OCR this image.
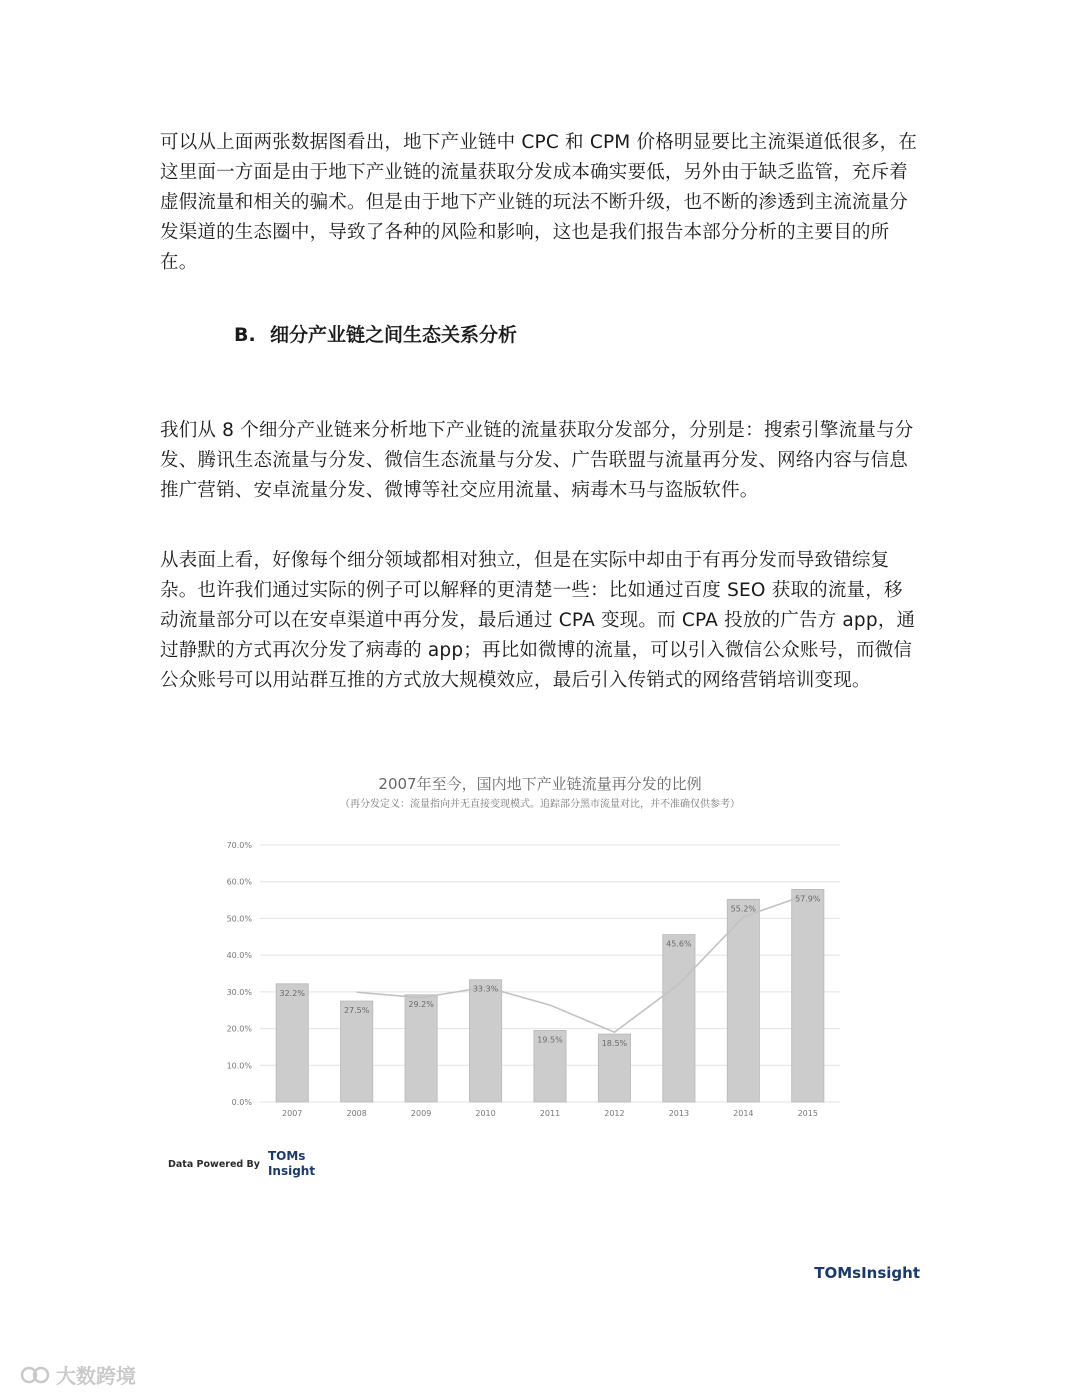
可以从上面两张数据图看出，地下产业链中 CPC 和 CPM 价格明显要比主流渠道低很多，在这里面一方面是由于地下产业链的流量获取分发成本确实要低，另外由于缺乏监管，充斥着虚假流量和相关的骗术。但是由于地下产业链的玩法不断升级，也不断的渗透到主流流量分发渠道的生态圈中，导致了各种的风险和影响，这也是我们报告本部分分析的主要目的所在。

B. 细分产业链之间生态关系分析

我们从 8 个细分产业链来分析地下产业链的流量获取分发部分，分别是：搜索引擎流量与分发、腾讯生态流量与分发、微信生态流量与分发、广告联盟与流量再分发、网络内容与信息推广营销、安卓流量分发、微博等社交应用流量、病毒木马与盗版软件。

从表面上看，好像每个细分领域都相对独立，但是在实际中却由于有再分发而导致错综复杂。也许我们通过实际的例子可以解释的更清楚一些：比如通过百度 SEO 获取的流量，移动流量部分可以在安卓渠道中再分发，最后通过 CPA 变现。而 CPA 投放的广告方 app，通过静默的方式再次分发了病毒的 app；再比如微博的流量，可以引入微信公众账号，而微信公众账号可以用站群互推的方式放大规模效应，最后引入传销式的网络营销培训变现。

2007年至今，国内地下产业链流量再分发的比例
（再分发定义：流量指向并无直接变现模式。追踪部分黑市流量对比，并不准确仅供参考）
0.0%
10.0%
20.0%
30.0%
40.0%
50.0%
60.0%
70.0%
32.2%
2007
27.5%
2008
29.2%
2009
33.3%
2010
19.5%
2011
18.5%
2012
45.6%
2013
55.2%
2014
57.9%
2015
Data Powered By
TOMs Insight
TOMsInsight
大数跨境
